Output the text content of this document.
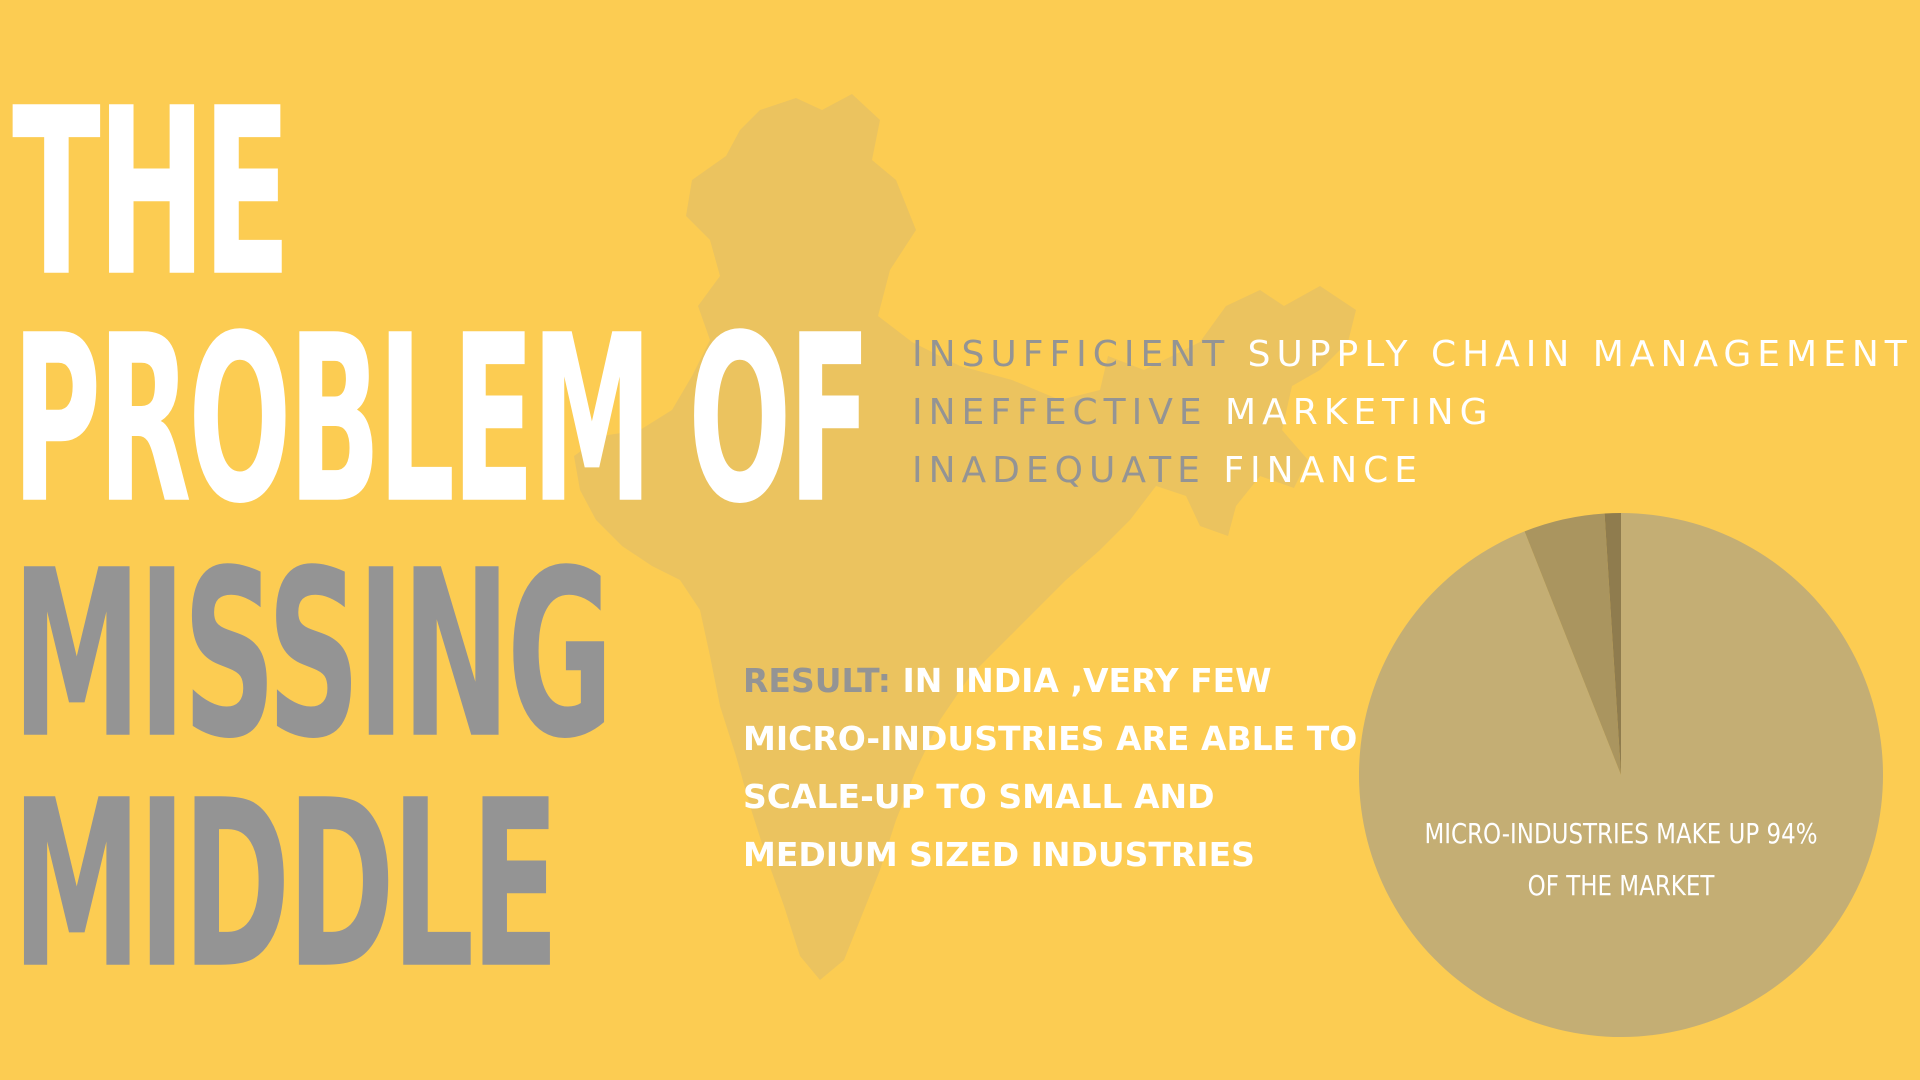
THE
PROBLEM OF
MISSING
MIDDLE
INSUFFICIENT SUPPLY CHAIN MANAGEMENT
INEFFECTIVE MARKETING
INADEQUATE FINANCE

RESULT: IN INDIA ,VERY FEW MICRO-INDUSTRIES ARE ABLE TO SCALE-UP TO SMALL AND MEDIUM SIZED INDUSTRIES

MICRO-INDUSTRIES MAKE UP 94%
OF THE MARKET
